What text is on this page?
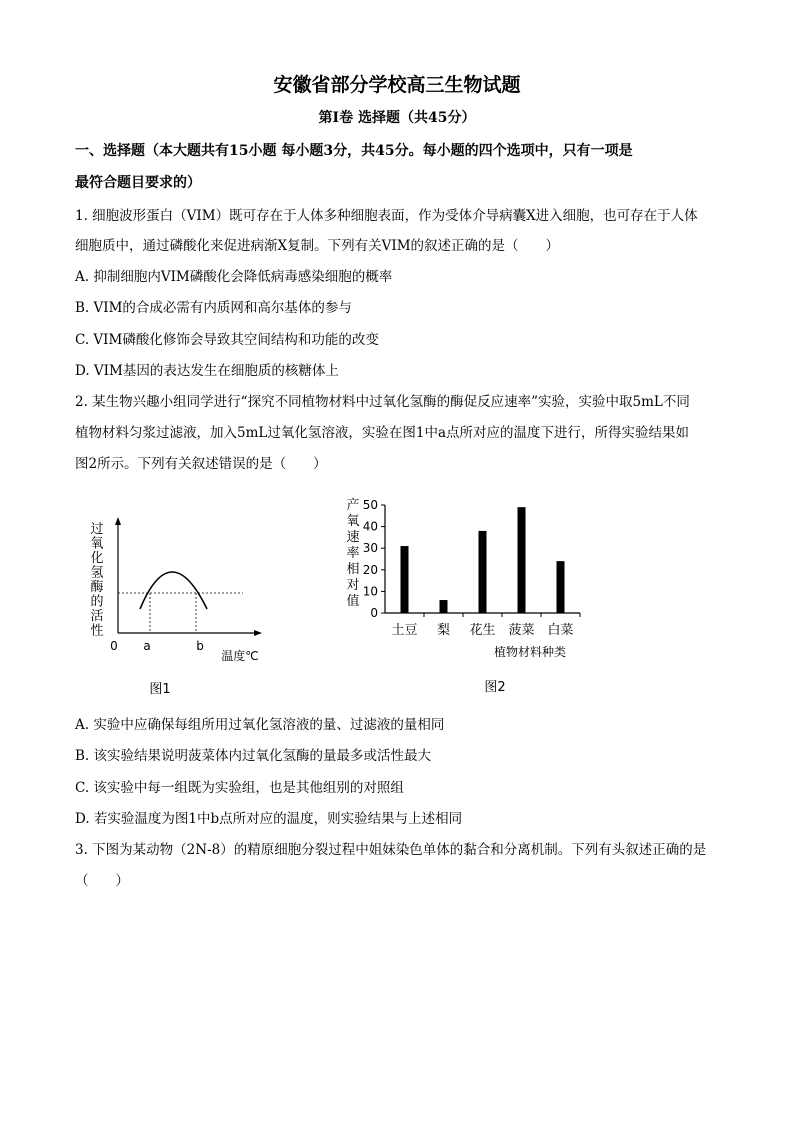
安徽省部分学校高三生物试题
第I卷 选择题（共45分）
一、选择题（本大题共有15小题 每小题3分，共45分。每小题的四个选项中，只有一项是
最符合题目要求的）
1. 细胞波形蛋白（VIM）既可存在于人体多种细胞表面，作为受体介导病囊X进入细胞，也可存在于人体
细胞质中，通过磷酸化来促进病渐X复制。下列有关VIM的叙述正确的是（　　）
A. 抑制细胞内VIM磷酸化会降低病毒感染细胞的概率
B. VIM的合成必需有内质网和高尔基体的参与
C. VIM磷酸化修饰会导致其空间结构和功能的改变
D. VIM基因的表达发生在细胞质的核糖体上
2. 某生物兴趣小组同学进行“探究不同植物材料中过氧化氢酶的酶促反应速率”实验，实验中取5mL不同
植物材料匀浆过滤液，加入5mL过氧化氢溶液，实验在图1中a点所对应的温度下进行，所得实验结果如
图2所示。下列有关叙述错误的是（　　）
过
氧
化
氢
酶
的
活
性
0 a	b
温度℃
图1
产
氧
速
率
相
对
值
0
10
20
30
40
50
土豆 梨 花生 菠菜 白菜
植物材料种类
图2
A. 实验中应确保每组所用过氧化氢溶液的量、过滤液的量相同
B. 该实验结果说明菠菜体内过氧化氢酶的量最多或活性最大
C. 该实验中每一组既为实验组，也是其他组别的对照组
D. 若实验温度为图1中b点所对应的温度，则实验结果与上述相同
3. 下图为某动物（2N-8）的精原细胞分裂过程中姐妹染色单体的黏合和分离机制。下列有头叙述正确的是
（　　）
